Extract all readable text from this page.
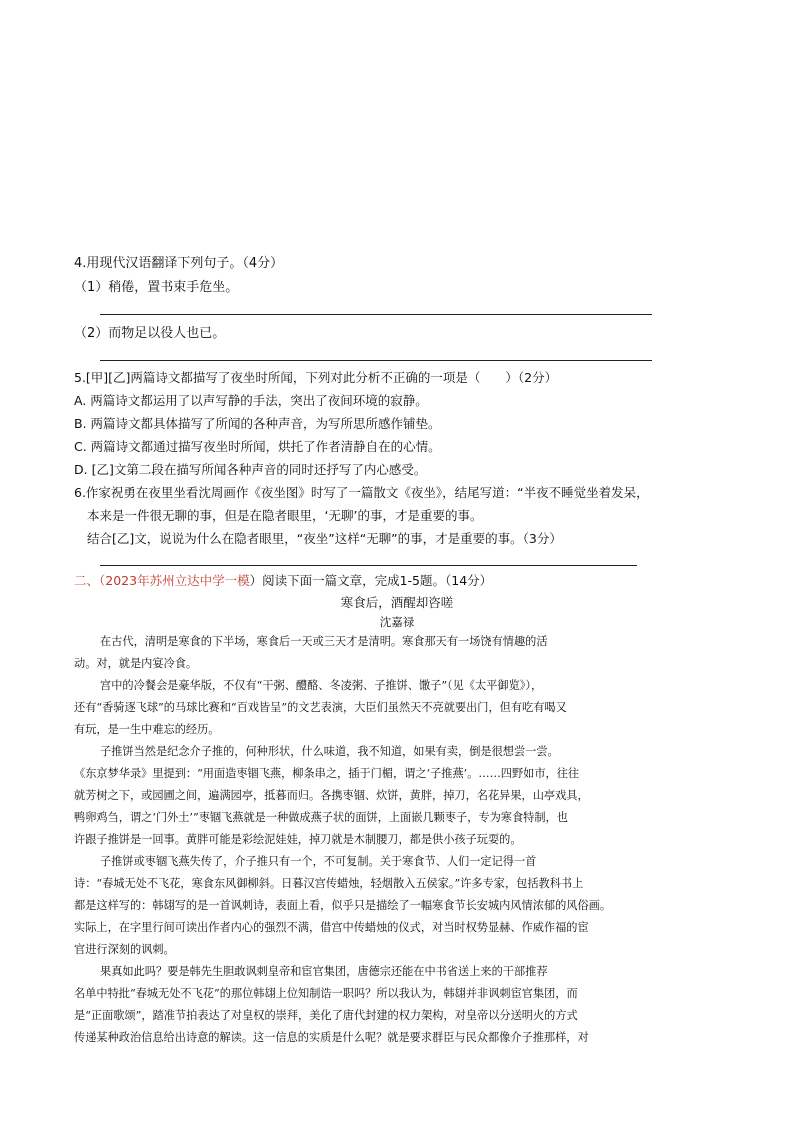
4.用现代汉语翻译下列句子。（4分）
（1）稍倦，置书束手危坐。
（2）而物足以役人也已。
5.[甲][乙]两篇诗文都描写了夜坐时所闻，下列对此分析不正确的一项是（　　）（2分）
A. 两篇诗文都运用了以声写静的手法，突出了夜间环境的寂静。
B. 两篇诗文都具体描写了所闻的各种声音，为写所思所感作铺垫。
C. 两篇诗文都通过描写夜坐时所闻，烘托了作者清静自在的心情。
D. [乙]文第二段在描写所闻各种声音的同时还抒写了内心感受。
6.作家祝勇在夜里坐看沈周画作《夜坐图》时写了一篇散文《夜坐》，结尾写道：“半夜不睡觉坐着发呆，
本来是一件很无聊的事，但是在隐者眼里，‘无聊’的事，才是重要的事。
结合[乙]文，说说为什么在隐者眼里，“夜坐”这样“无聊”的事，才是重要的事。（3分）
二、（2023年苏州立达中学一模）阅读下面一篇文章，完成1-5题。（14分）
寒食后，酒醒却咨嗟
沈嘉禄
在古代，清明是寒食的下半场，寒食后一天或三天才是清明。寒食那天有一场饶有情趣的活
动。对，就是内宴冷食。
宫中的冷餐会是豪华版，不仅有“干粥、醴酪、冬凌粥、子推饼、馓子”（见《太平御览》），
还有“香骑逐飞球”的马球比赛和“百戏皆呈”的文艺表演，大臣们虽然天不亮就要出门，但有吃有喝又
有玩，是一生中难忘的经历。
子推饼当然是纪念介子推的，何种形状，什么味道，我不知道，如果有卖，倒是很想尝一尝。
《东京梦华录》里提到：“用面造枣锢飞燕，柳条串之，插于门楣，谓之‘子推燕’。……四野如市，往往
就芳树之下，或园圃之间，遍满园亭，抵暮而归。各携枣锢、炊饼，黄胖，掉刀，名花异果，山亭戏具，
鸭卵鸡刍，谓之‘门外土’”枣锢飞燕就是一种做成燕子状的面饼，上面嵌几颗枣子，专为寒食特制，也
许跟子推饼是一回事。黄胖可能是彩绘泥娃娃，掉刀就是木制腰刀，都是供小孩子玩耍的。
子推饼或枣锢飞燕失传了，介子推只有一个，不可复制。关于寒食节、人们一定记得一首
诗：“春城无处不飞花，寒食东风御柳斜。日暮汉宫传蜡烛，轻烟散入五侯家。”许多专家，包括教科书上
都是这样写的：韩翃写的是一首讽刺诗，表面上看，似乎只是描绘了一幅寒食节长安城内风情浓郁的风俗画。
实际上，在字里行间可读出作者内心的强烈不满，借宫中传蜡烛的仪式，对当时权势显赫、作威作福的宦
官进行深刻的讽刺。
果真如此吗？要是韩先生胆敢讽刺皇帝和宦官集团，唐德宗还能在中书省送上来的干部推荐
名单中特批“春城无处不飞花”的那位韩翃上位知制诰一职吗？所以我认为，韩翃并非讽刺宦官集团，而
是“正面歌颂”，踏准节拍表达了对皇权的崇拜，美化了唐代封建的权力架构，对皇帝以分送明火的方式
传递某种政治信息给出诗意的解读。这一信息的实质是什么呢？就是要求群臣与民众都像介子推那样，对
